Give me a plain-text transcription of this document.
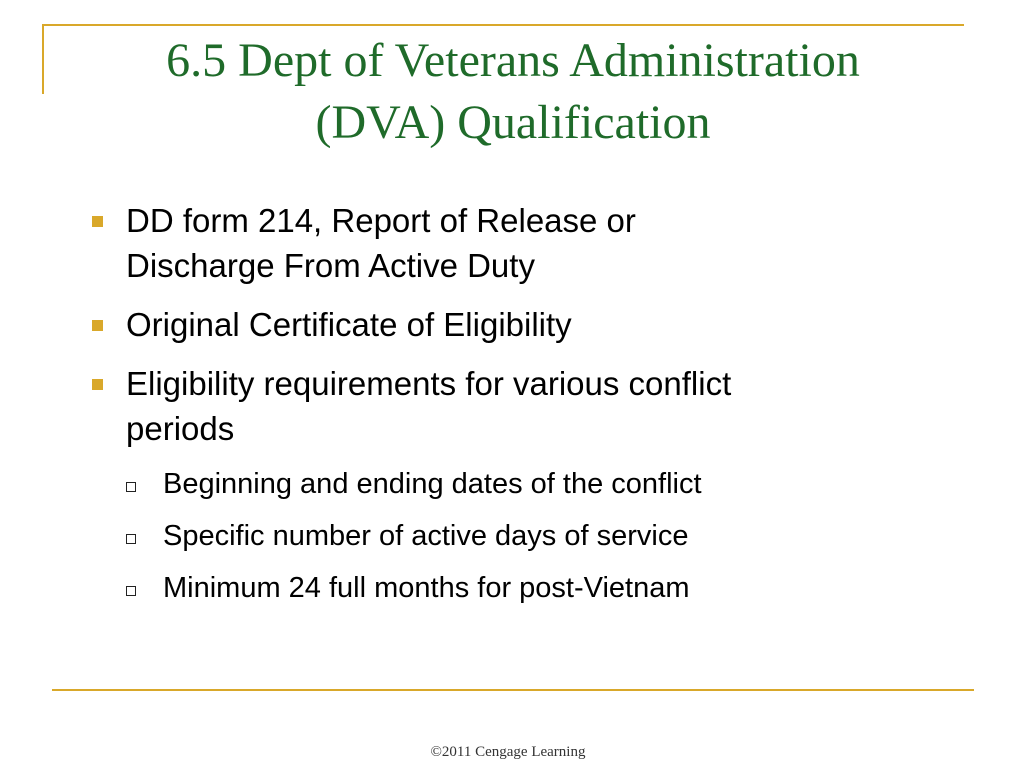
6.5 Dept of Veterans Administration
(DVA) Qualification
DD form 214, Report of Release or
Discharge From Active Duty
Original Certificate of Eligibility
Eligibility requirements for various conflict
periods
Beginning and ending dates of the conflict
Specific number of active days of service
Minimum 24 full months for post-Vietnam
©2011 Cengage Learning
